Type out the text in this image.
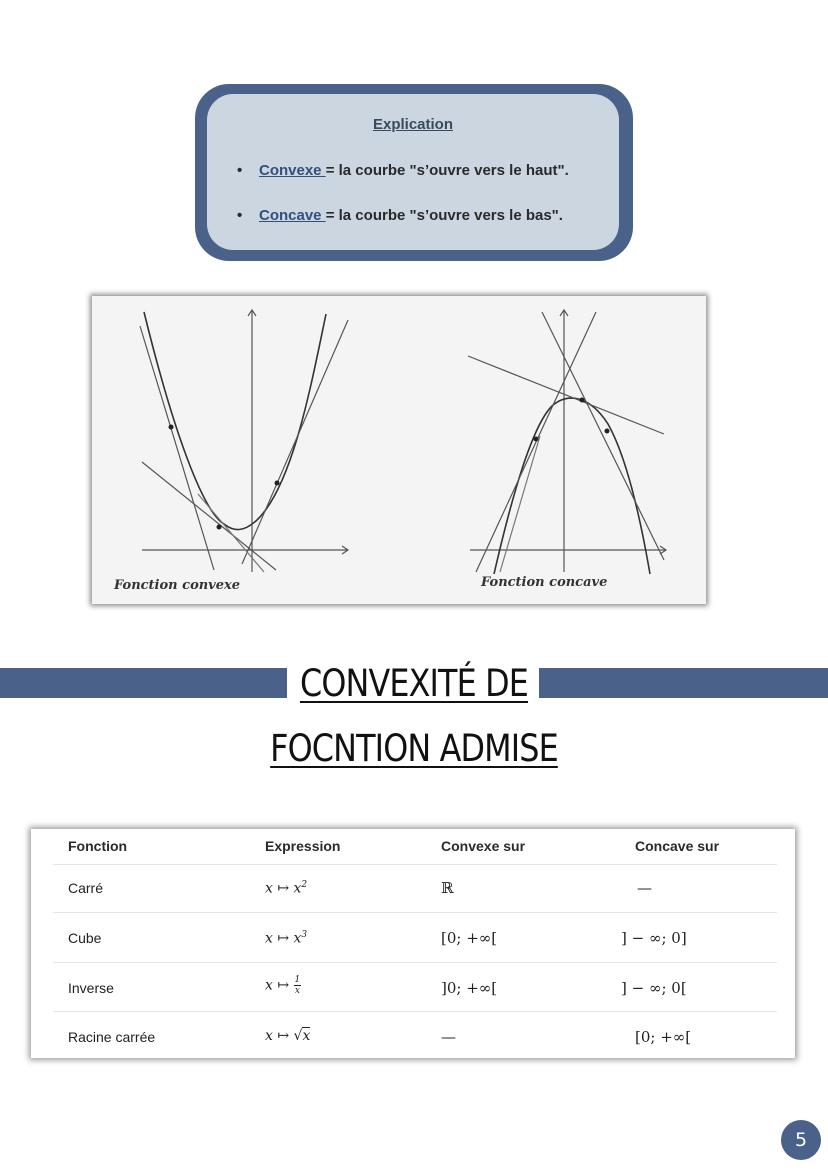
Explication
• Convexe = la courbe "s’ouvre vers le haut".
• Concave = la courbe "s’ouvre vers le bas".
Fonction convexe	Fonction concave
CONVEXITÉ DE
FOCNTION ADMISE
Fonction	Expression	Convexe sur	Concave sur
Carré	x ↦ $x^2$	ℝ	—
Cube	x ↦ $x^3$	[0; +∞[	] − ∞; 0]
Inverse	x ↦ $\frac{1}{x}$	]0; +∞[	] − ∞; 0[
Racine carrée	x ↦ √x	—	[0; +∞[
5
